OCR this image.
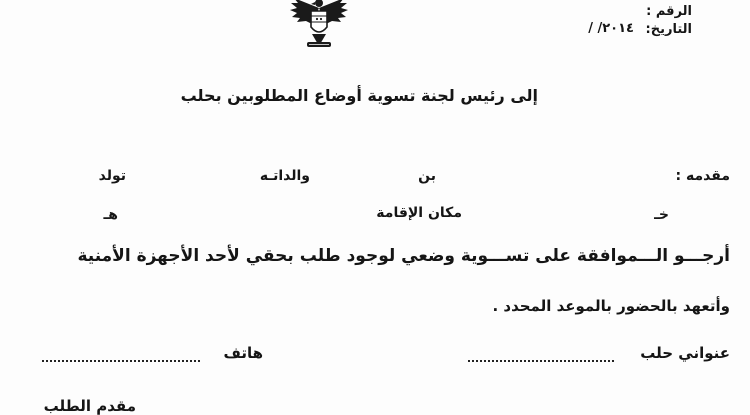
الرقم :
التاريخ:
/ /٢٠١٤
إلى رئيس لجنة تسوية أوضاع المطلوبين بحلب
مقدمه :
بن
والداتـه
تولد
خـ
مكان الإقامة
هـ
أرجـــو الـــموافقة على تســـوية وضعي لوجود طلب بحقي لأحد الأجهزة الأمنية
وأتعهد بالحضور بالموعد المحدد .
عنواني حلب
هاتف
مقدم الطلب
